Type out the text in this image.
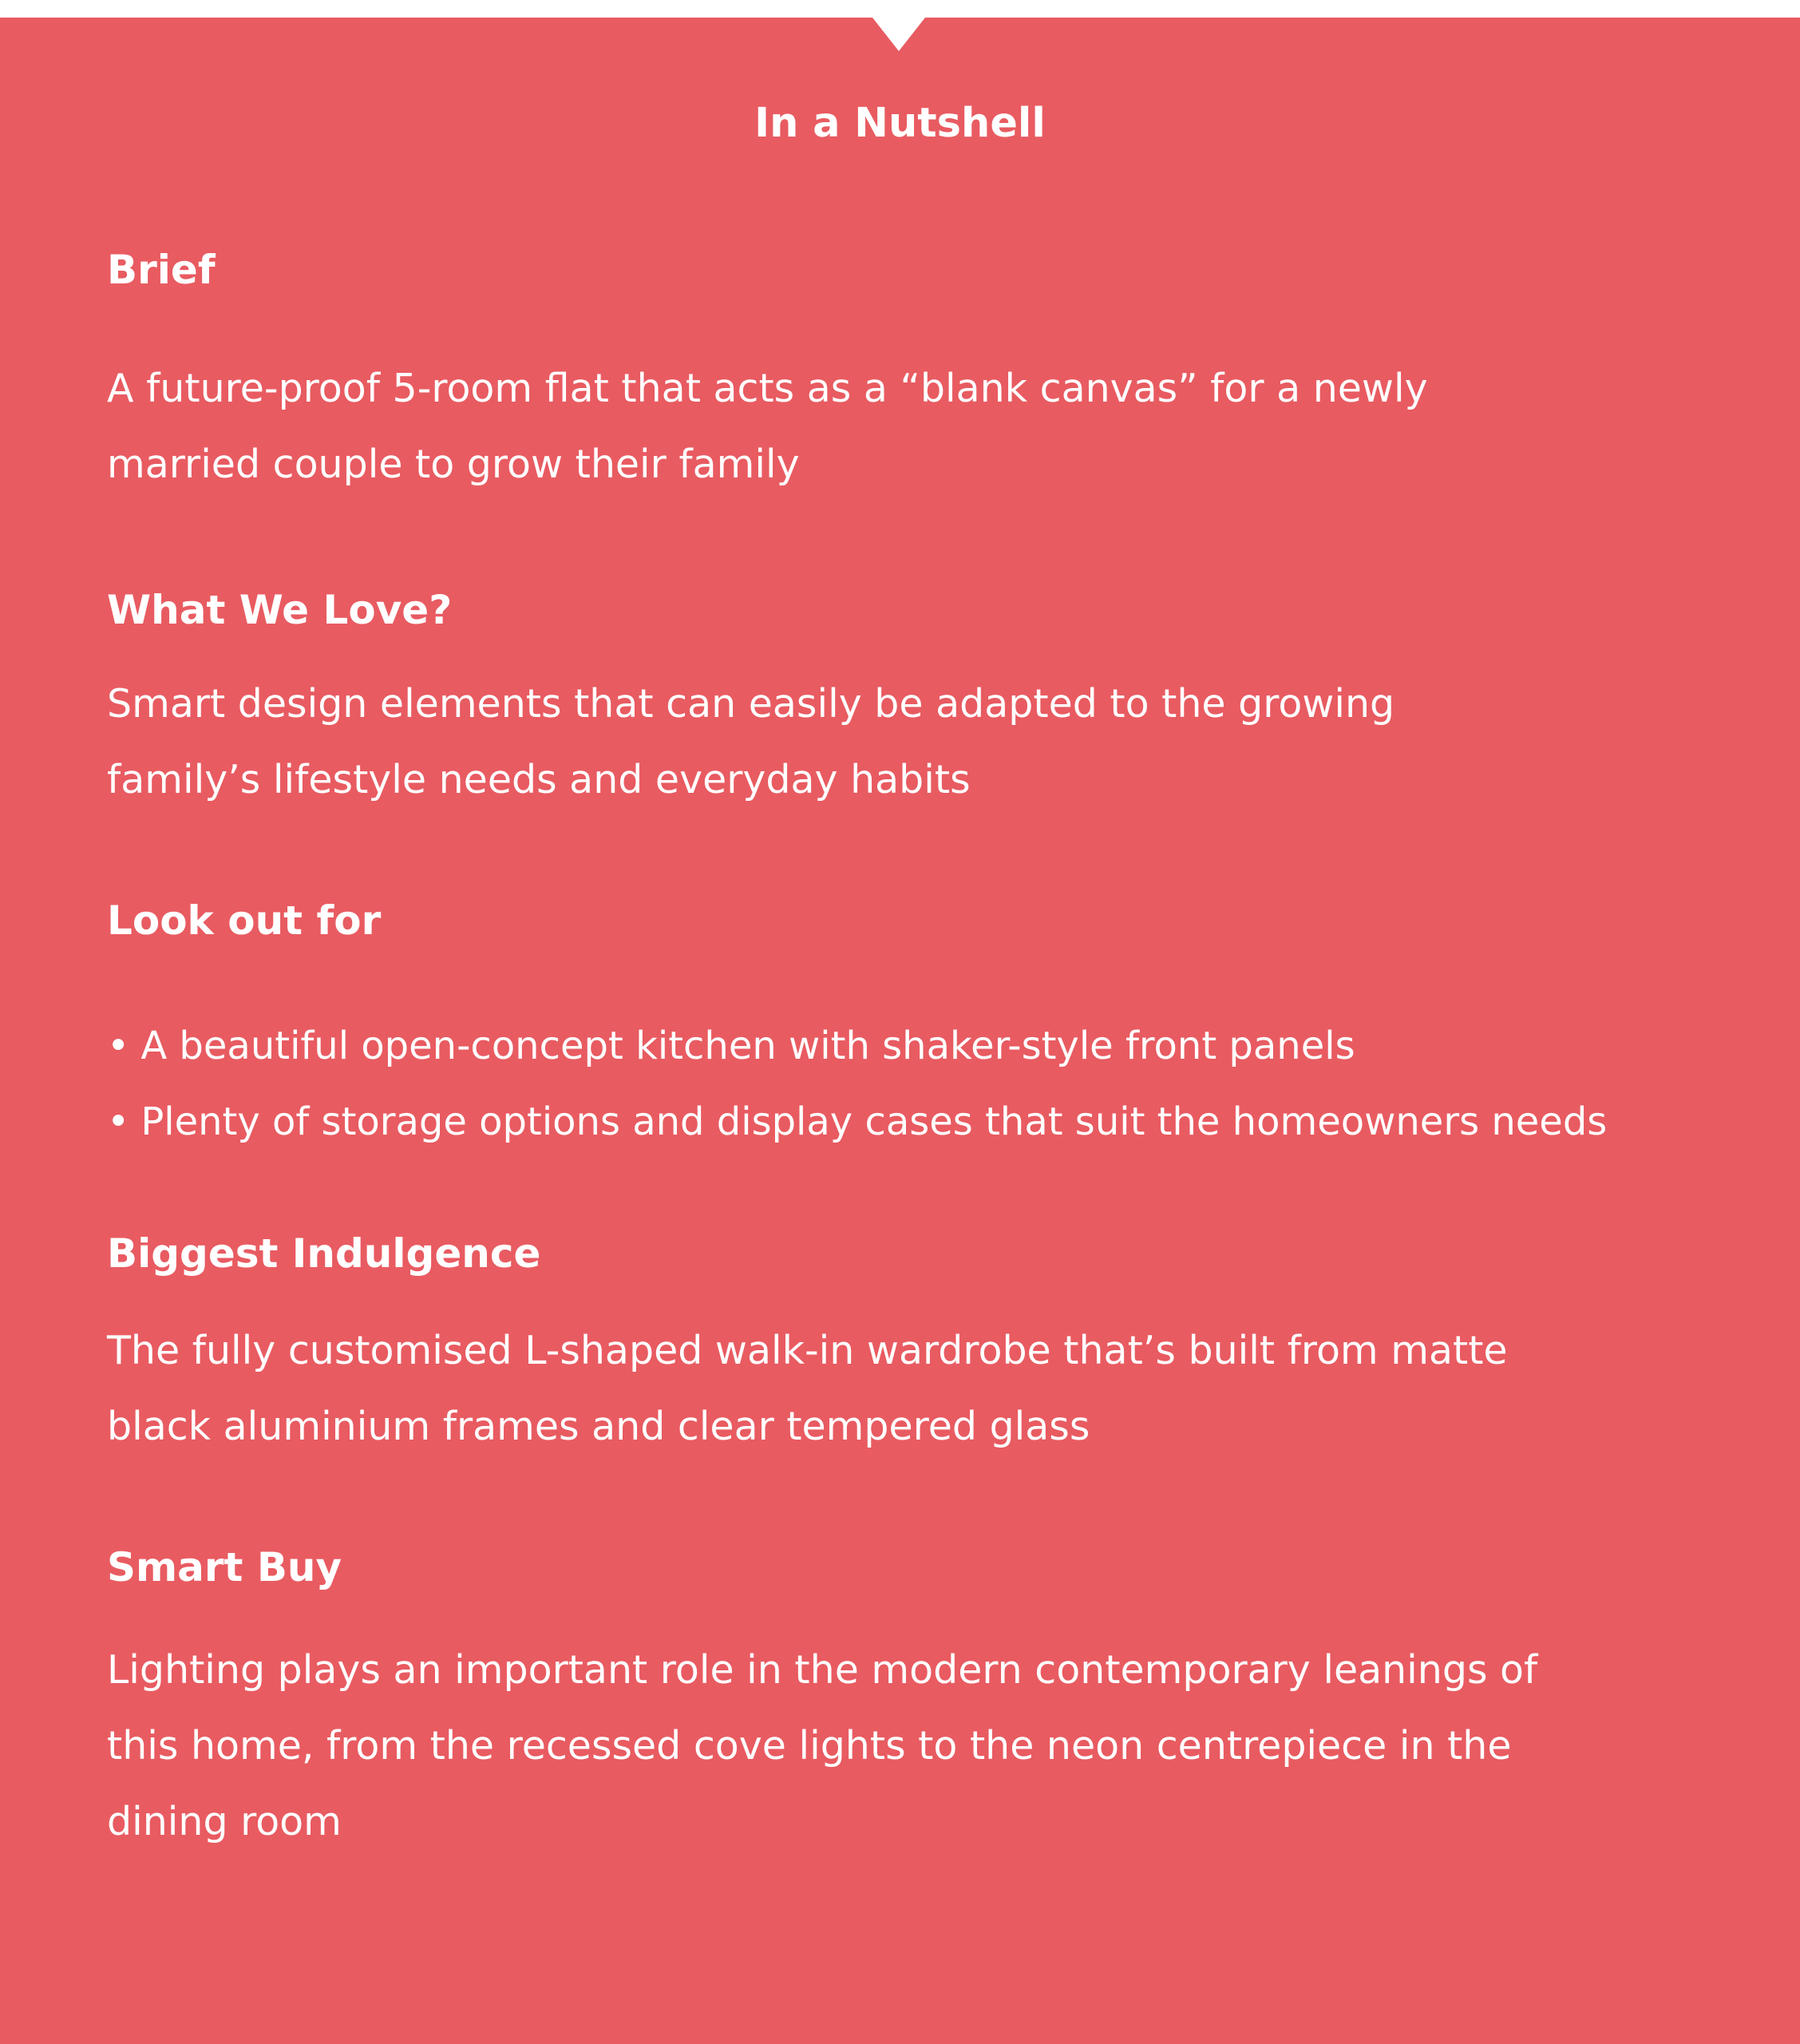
In a Nutshell
Brief
A future-proof 5-room flat that acts as a “blank canvas” for a newly
married couple to grow their family
What We Love?
Smart design elements that can easily be adapted to the growing
family’s lifestyle needs and everyday habits
Look out for
• A beautiful open-concept kitchen with shaker-style front panels
• Plenty of storage options and display cases that suit the homeowners needs
Biggest Indulgence
The fully customised L-shaped walk-in wardrobe that’s built from matte
black aluminium frames and clear tempered glass
Smart Buy
Lighting plays an important role in the modern contemporary leanings of
this home, from the recessed cove lights to the neon centrepiece in the
dining room
